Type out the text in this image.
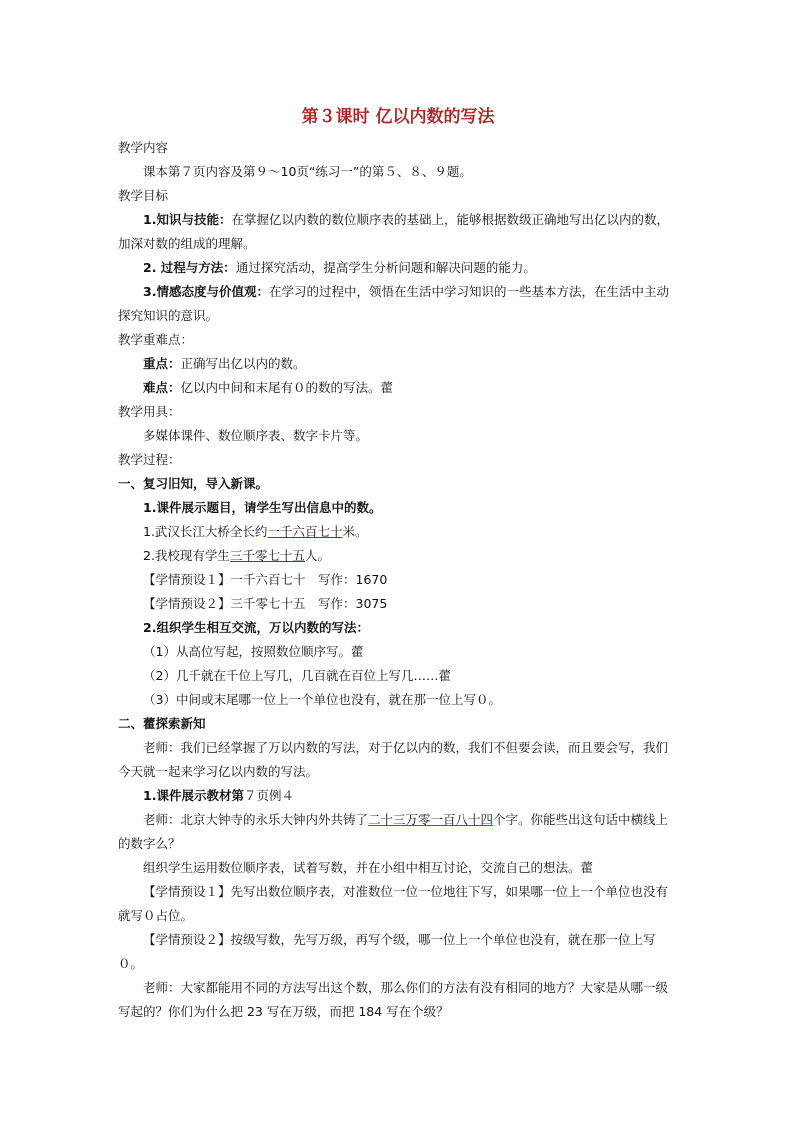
第３课时 亿以内数的写法

教学内容

课本第７页内容及第９～10页“练习一”的第５、８、９题。

教学目标

1.知识与技能：在掌握亿以内数的数位顺序表的基础上，能够根据数级正确地写出亿以内的数，加深对数的组成的理解。

2. 过程与方法：通过探究活动，提高学生分析问题和解决问题的能力。

3.情感态度与价值观：在学习的过程中，领悟在生活中学习知识的一些基本方法，在生活中主动探究知识的意识。

教学重难点：

重点：正确写出亿以内的数。

难点：亿以内中间和末尾有０的数的写法。藿

教学用具：

多媒体课件、数位顺序表、数字卡片等。

教学过程：

一、复习旧知，导入新课。

1.课件展示题目，请学生写出信息中的数。

1.武汉长江大桥全长约一千六百七十米。

2.我校现有学生三千零七十五人。

【学情预设１】一千六百七十　写作：1670

【学情预设２】三千零七十五　写作：3075

2.组织学生相互交流，万以内数的写法：

（1）从高位写起，按照数位顺序写。藿

（2）几千就在千位上写几，几百就在百位上写几……藿

（3）中间或末尾哪一位上一个单位也没有，就在那一位上写０。

二、藿探索新知

老师：我们已经掌握了万以内数的写法，对于亿以内的数，我们不但要会读，而且要会写，我们今天就一起来学习亿以内数的写法。

1.课件展示教材第７页例４

老师：北京大钟寺的永乐大钟内外共铸了二十三万零一百八十四个字。你能些出这句话中横线上的数字么？

组织学生运用数位顺序表，试着写数，并在小组中相互讨论，交流自己的想法。藿

【学情预设１】先写出数位顺序表，对准数位一位一位地往下写，如果哪一位上一个单位也没有就写０占位。

【学情预设２】按级写数，先写万级，再写个级，哪一位上一个单位也没有，就在那一位上写０。

老师：大家都能用不同的方法写出这个数，那么你们的方法有没有相同的地方？大家是从哪一级写起的？你们为什么把 23 写在万级，而把 184 写在个级？
